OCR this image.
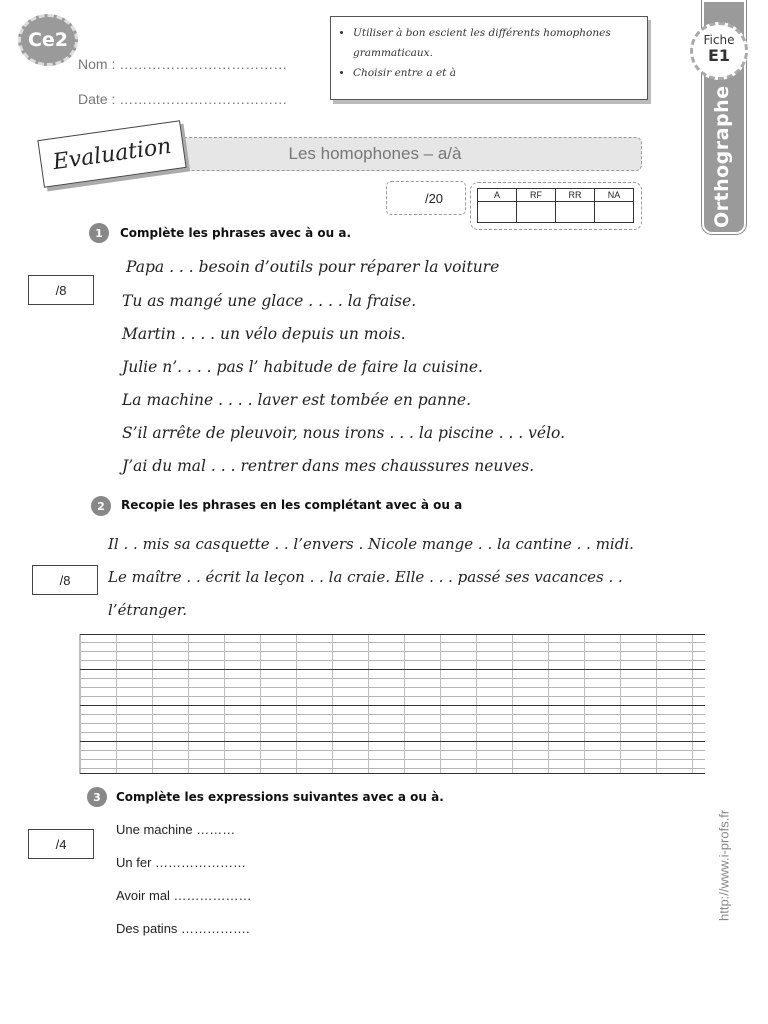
Ce2
Nom : ………………………………
Date : ………………………………
• Utiliser à bon escient les différents homophones grammaticaux.
• Choisir entre a et à
Orthographe
Fiche
E1
Les homophones – a/à
Evaluation
/20	A	RF	RR	NA

1	Complète les phrases avec à ou a.
/8
Papa . . . besoin d’outils pour réparer la voiture
Tu as mangé une glace . . . . la fraise.
Martin . . . . un vélo depuis un mois.
Julie n’. . . . pas l’ habitude de faire la cuisine.
La machine . . . . laver est tombée en panne.
S’il arrête de pleuvoir, nous irons . . . la piscine . . . vélo.
J’ai du mal . . . rentrer dans mes chaussures neuves.
2	Recopie les phrases en les complétant avec à ou a
/8
Il . . mis sa casquette . . l’envers . Nicole mange . . la cantine . . midi.
Le maître . . écrit la leçon . . la craie. Elle . . . passé ses vacances . .
l’étranger.
3	Complète les expressions suivantes avec a ou à.
/4
Une machine ………
Un fer …………………
Avoir mal ………………
Des patins …………….
http://www.i-profs.fr
